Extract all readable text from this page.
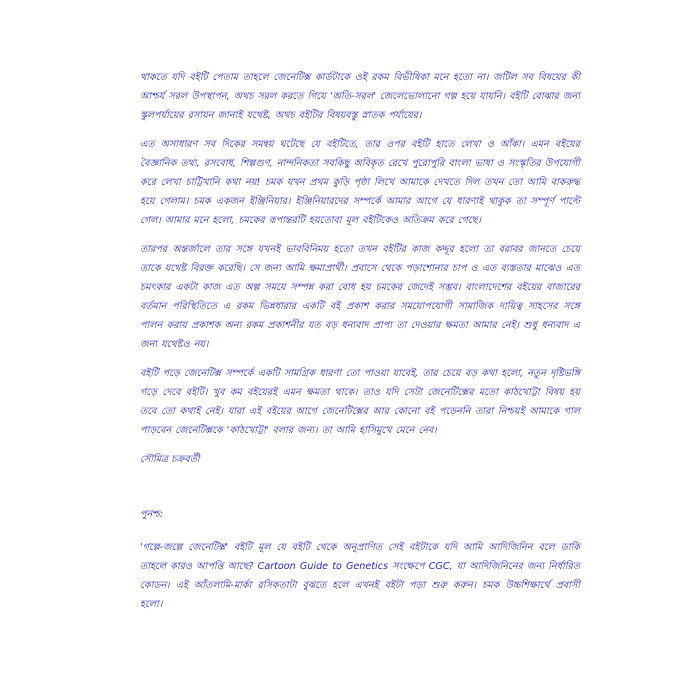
থাকতে যদি বইটি পেতাম তাহলে জেনেটিক্স কার্ডটাকে ওই রকম বিভীষিকা মনে হতো না। জটিল সব বিষয়ের কী আশ্চর্য সরল উপস্থাপন, অথচ সরল করতে গিয়ে 'অতি-সরল' জেলেভোলানো গল্প হয়ে যায়নি। বইটি বোঝার জন্য স্কুলপর্যায়ের রসায়ন জানাই যথেষ্ট, অথচ বইটির বিষয়বস্তু স্নাতক পর্যায়ের।

এত অসাধারণ সব দিকের সমন্বয় ঘটেছে যে বইটিতে, তার ওপর বইটি হাতে লেখা ও আঁকা। এমন বইয়ের বৈজ্ঞানিক তথ্য, রসবোধ, শিল্পগুণ, নান্দনিকতা সবকিছু অবিকৃত রেখে পুরোপুরি বাংলা ভাষা ও সংস্কৃতির উপযোগী করে লেখা চাট্টিখানি কথা নয়! চমক যখন প্রথম কুড়ি পৃষ্ঠা লিখে আমাকে দেখতে দিল তখন তো আমি বাকরুদ্ধ হয়ে গেলাম। চমক একজন ইঞ্জিনিয়ার। ইঞ্জিনিয়ারদের সম্পর্কে আমার আগে যে ধারণাই থাকুক তা সম্পূর্ণ পাল্টে গেল। আমার মনে হলো, চমকের রূপান্তরটি হয়তোবা মূল বইটিকেও অতিক্রম করে গেছে।

তারপর অন্তর্জালে তার সঙ্গে যখনই ভাববিনিময় হতো তখন বইটির কাজ কদ্দূর হলো তা বরাবর জানতে চেয়ে তাকে যথেষ্ট বিরক্ত করেছি। সে জন্য আমি ক্ষমাপ্রার্থী। প্রবাসে থেকে পড়াশোনার চাপ ও এত ব্যস্ততার মাঝেও এত চমৎকার একটা কাজ এত অল্প সময়ে সম্পন্ন করা বোধ হয় চমকের জেদেই সম্ভব। বাংলাদেশের বইয়ের বাজারের বর্তমান পরিস্থিতিতে এ রকম ভিন্নধারার একটি বই প্রকাশ করার সময়োপযোগী সামাজিক দায়িত্ব সাহসের সঙ্গে পালন করায় প্রকাশক অন্য রকম প্রকাশনীর যত বড় ধন্যবাদ প্রাপ্য তা দেওয়ার ক্ষমতা আমার নেই। শুধু ধন্যবাদ এ জন্য যথেষ্টও নয়।

বইটি পড়ে জেনেটিক্স সম্পর্কে একটি সামগ্রিক ধারণা তো পাওয়া যাবেই, তার চেয়ে বড় কথা হলো, নতুন দৃষ্টিভঙ্গি গড়ে দেবে বইটি। খুব কম বইয়েরই এমন ক্ষমতা থাকে। তাও যদি সেটা জেনেটিক্সের মতো কাঠখোট্টা বিষয় হয় তবে তো কথাই নেই। যারা এই বইয়ের আগে জেনেটিক্সের আর কোনো বই পড়েননি তারা নিশ্চয়ই আমাকে গাল পাড়বেন জেনেটিক্সকে 'কাঠখোট্টা' বলার জন্য। তা আমি হাসিমুখে মেনে নেব।

সৌমিত্র চক্রবর্তী

পুনশ্চ:

'গল্পে-জল্পে জেনেটিক্স' বইটি মূল যে বইটি থেকে অনূপ্রাণিত সেই বইটাকে যদি আমি আদিজিনিন বলে ডাকি তাহলে কারও আপত্তি আছে? Cartoon Guide to Genetics সংক্ষেপে CGC, যা আদিজিনিনের জন্য নির্ধারিত কোডন। এই আঁতলামি-মার্কা রসিকতাটা বুঝতে হলে এখনই বইটা পড়া শুরু করুন। চমক উচ্চশিক্ষার্থে প্রবাসী হলো।
